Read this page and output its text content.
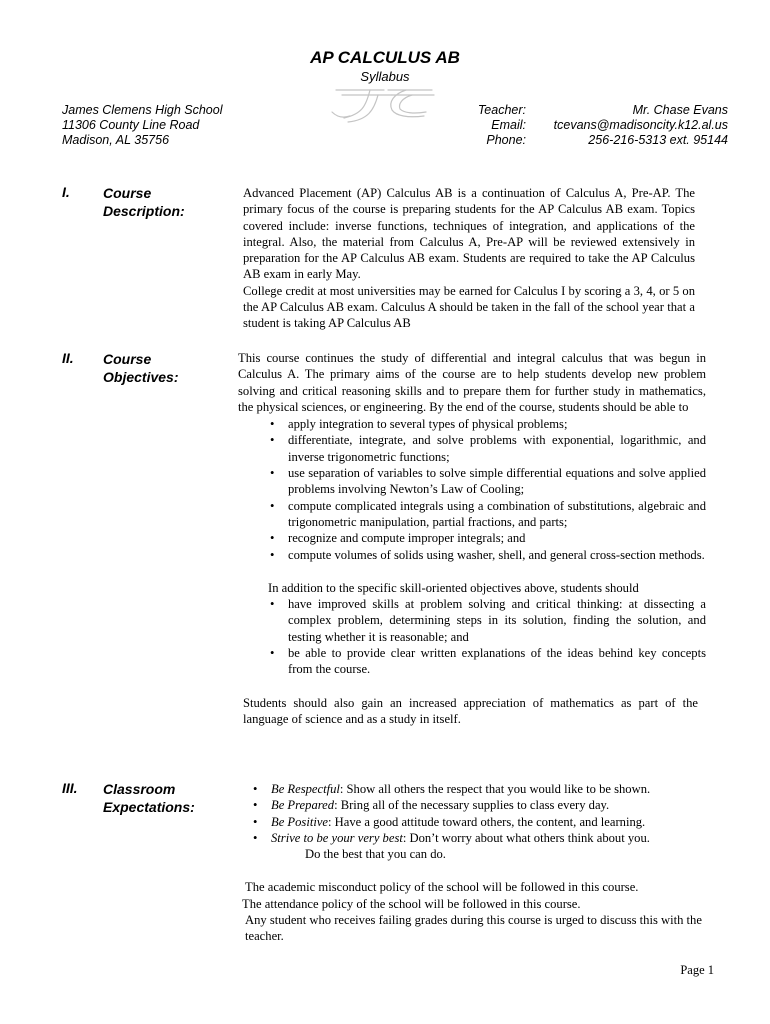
AP CALCULUS AB
Syllabus
James Clemens High School
11306 County Line Road
Madison, AL 35756
Teacher:
Email:
Phone:
Mr. Chase Evans
tcevans@madisoncity.k12.al.us
256-216-5313 ext. 95144
I. Course
Description:

Advanced Placement (AP) Calculus AB is a continuation of Calculus A, Pre-AP. The primary focus of the course is preparing students for the AP Calculus AB exam. Topics covered include: inverse functions, techniques of integration, and applications of the integral. Also, the material from Calculus A, Pre-AP will be reviewed extensively in preparation for the AP Calculus AB exam. Students are required to take the AP Calculus AB exam in early May.

College credit at most universities may be earned for Calculus I by scoring a 3, 4, or 5 on the AP Calculus AB exam. Calculus A should be taken in the fall of the school year that a student is taking AP Calculus AB

II. Course
Objectives:

This course continues the study of differential and integral calculus that was begun in Calculus A. The primary aims of the course are to help students develop new problem solving and critical reasoning skills and to prepare them for further study in mathematics, the physical sciences, or engineering. By the end of the course, students should be able to

• apply integration to several types of physical problems;
• differentiate, integrate, and solve problems with exponential, logarithmic, and inverse trigonometric functions;
• use separation of variables to solve simple differential equations and solve applied problems involving Newton’s Law of Cooling;
• compute complicated integrals using a combination of substitutions, algebraic and trigonometric manipulation, partial fractions, and parts;
• recognize and compute improper integrals; and
• compute volumes of solids using washer, shell, and general cross-section methods.

In addition to the specific skill-oriented objectives above, students should

• have improved skills at problem solving and critical thinking: at dissecting a complex problem, determining steps in its solution, finding the solution, and testing whether it is reasonable; and
• be able to provide clear written explanations of the ideas behind key concepts from the course.

Students should also gain an increased appreciation of mathematics as part of the language of science and as a study in itself.

III. Classroom
Expectations:
• Be Respectful: Show all others the respect that you would like to be shown.
• Be Prepared: Bring all of the necessary supplies to class every day.
• Be Positive: Have a good attitude toward others, the content, and learning.
• Strive to be your very best: Don’t worry about what others think about you.

Do the best that you can do.

The academic misconduct policy of the school will be followed in this course.

The attendance policy of the school will be followed in this course.

Any student who receives failing grades during this course is urged to discuss this with the teacher.

Page 1
